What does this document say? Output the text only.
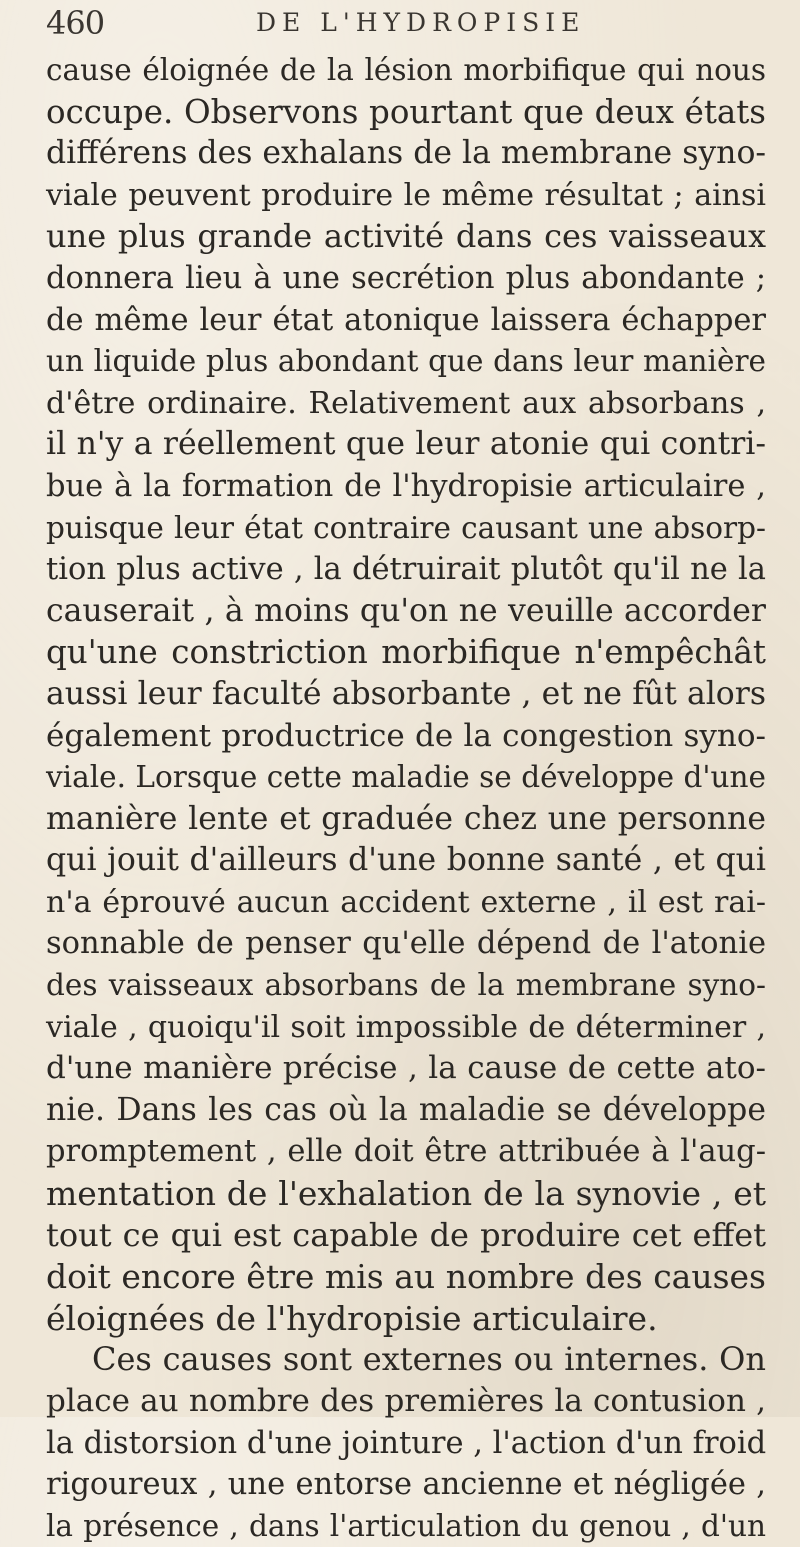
460	DE L'HYDROPISIE
cause éloignée de la lésion morbifique qui nous
occupe. Observons pourtant que deux états
différens des exhalans de la membrane syno-
viale peuvent produire le même résultat ; ainsi
une plus grande activité dans ces vaisseaux
donnera lieu à une secrétion plus abondante ;
de même leur état atonique laissera échapper
un liquide plus abondant que dans leur manière
d'être ordinaire. Relativement aux absorbans ,
il n'y a réellement que leur atonie qui contri-
bue à la formation de l'hydropisie articulaire ,
puisque leur état contraire causant une absorp-
tion plus active , la détruirait plutôt qu'il ne la
causerait , à moins qu'on ne veuille accorder
qu'une constriction morbifique n'empêchât
aussi leur faculté absorbante , et ne fût alors
également productrice de la congestion syno-
viale. Lorsque cette maladie se développe d'une
manière lente et graduée chez une personne
qui jouit d'ailleurs d'une bonne santé , et qui
n'a éprouvé aucun accident externe , il est rai-
sonnable de penser qu'elle dépend de l'atonie
des vaisseaux absorbans de la membrane syno-
viale , quoiqu'il soit impossible de déterminer ,
d'une manière précise , la cause de cette ato-
nie. Dans les cas où la maladie se développe
promptement , elle doit être attribuée à l'aug-
mentation de l'exhalation de la synovie , et
tout ce qui est capable de produire cet effet
doit encore être mis au nombre des causes
éloignées de l'hydropisie articulaire.
Ces causes sont externes ou internes. On
place au nombre des premières la contusion ,
la distorsion d'une jointure , l'action d'un froid
rigoureux , une entorse ancienne et négligée ,
la présence , dans l'articulation du genou , d'un
